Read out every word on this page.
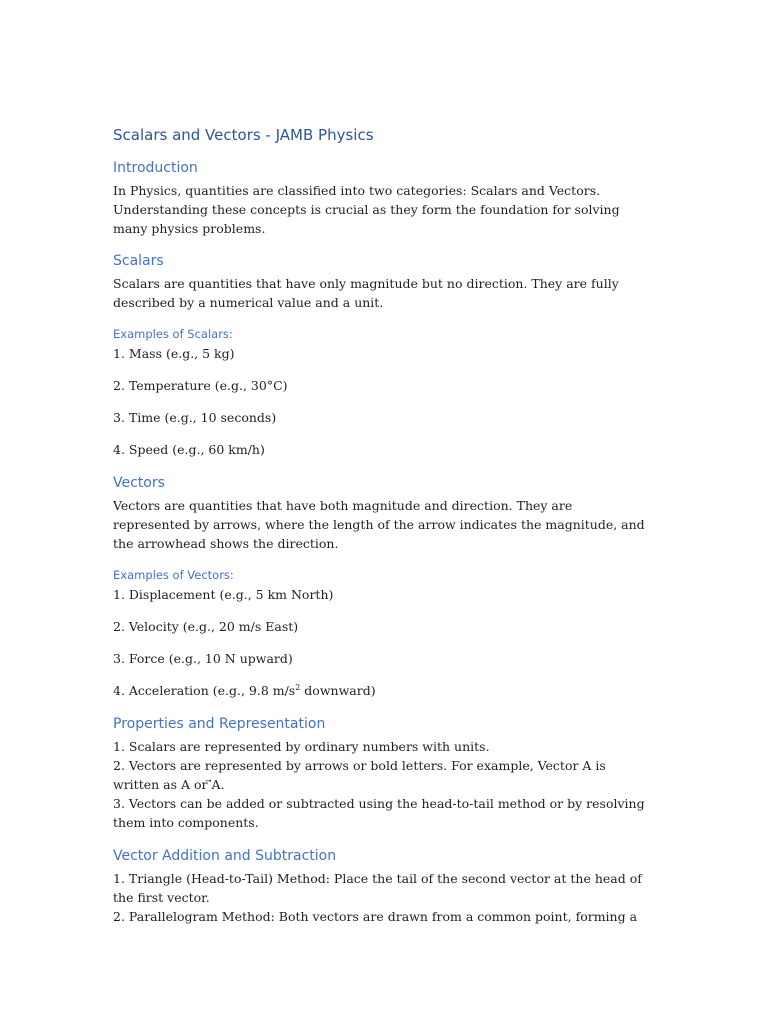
Scalars and Vectors - JAMB Physics
Introduction

In Physics, quantities are classified into two categories: Scalars and Vectors. Understanding these concepts is crucial as they form the foundation for solving many physics problems.

Scalars

Scalars are quantities that have only magnitude but no direction. They are fully described by a numerical value and a unit.

Examples of Scalars:

1. Mass (e.g., 5 kg)

2. Temperature (e.g., 30°C)

3. Time (e.g., 10 seconds)

4. Speed (e.g., 60 km/h)

Vectors

Vectors are quantities that have both magnitude and direction. They are represented by arrows, where the length of the arrow indicates the magnitude, and the arrowhead shows the direction.

Examples of Vectors:

1. Displacement (e.g., 5 km North)

2. Velocity (e.g., 20 m/s East)

3. Force (e.g., 10 N upward)

4. Acceleration (e.g., 9.8 $m/s^2$ downward)

Properties and Representation

1. Scalars are represented by ordinary numbers with units.

2. Vectors are represented by arrows or bold letters. For example, Vector A is written as A or ⃗A.

3. Vectors can be added or subtracted using the head-to-tail method or by resolving them into components.

Vector Addition and Subtraction

1. Triangle (Head-to-Tail) Method: Place the tail of the second vector at the head of the first vector.

2. Parallelogram Method: Both vectors are drawn from a common point, forming a
